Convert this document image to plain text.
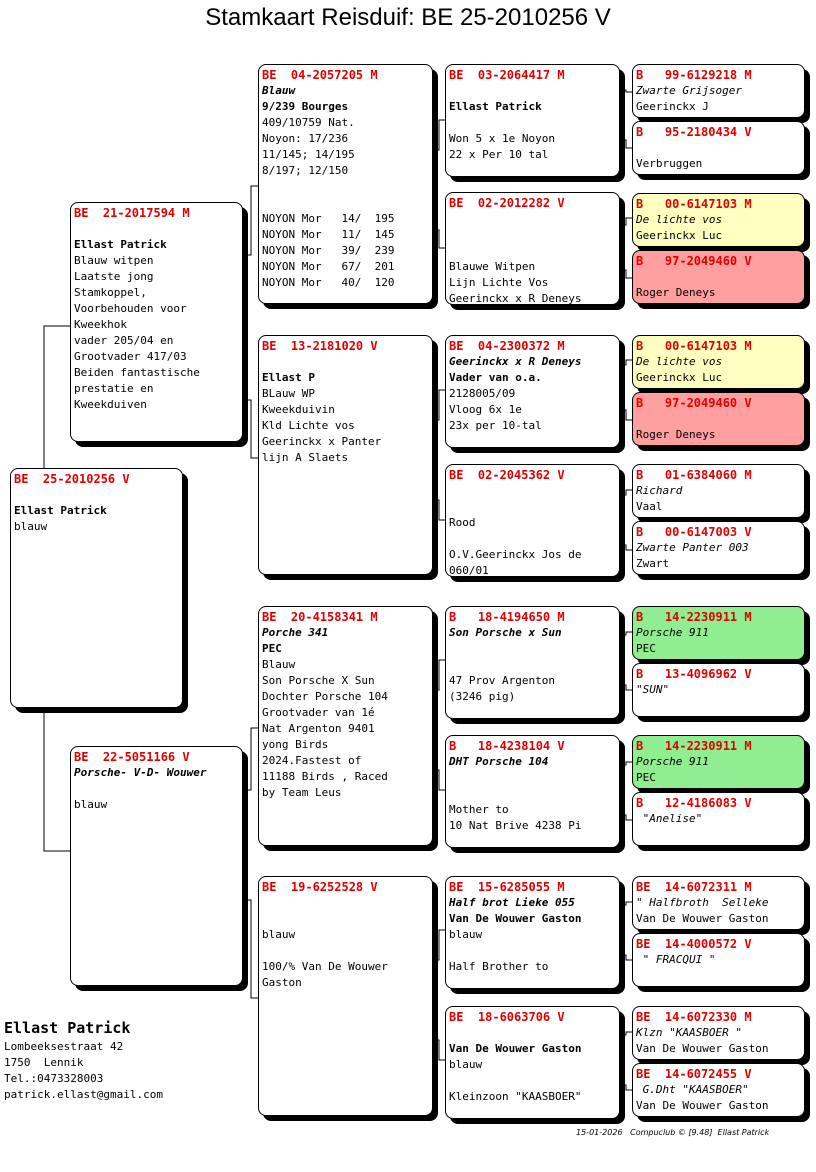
Stamkaart Reisduif: BE 25-2010256 V
BE  25-2010256 V
Ellast Patrick
blauw
BE  21-2017594 M
Ellast Patrick
Blauw witpen
Laatste jong
Stamkoppel,
Voorbehouden voor
Kweekhok
vader 205/04 en
Grootvader 417/03
Beiden fantastische
prestatie en
Kweekduiven
BE  22-5051166 V
Porsche- V-D- Wouwer
blauw
BE  04-2057205 M
Blauw
9/239 Bourges
409/10759 Nat.
Noyon: 17/236
11/145; 14/195
8/197; 12/150
NOYON Mor   14/  195
NOYON Mor   11/  145
NOYON Mor   39/  239
NOYON Mor   67/  201
NOYON Mor   40/  120
BE  13-2181020 V
Ellast P
BLauw WP
Kweekduivin
Kld Lichte vos
Geerinckx x Panter
lijn A Slaets
BE  20-4158341 M
Porche 341
PEC
Blauw
Son Porsche X Sun
Dochter Porsche 104
Grootvader van 1é
Nat Argenton 9401
yong Birds
2024.Fastest of
11188 Birds , Raced
by Team Leus
BE  19-6252528 V
blauw
100/% Van De Wouwer
Gaston
BE  03-2064417 M
Ellast Patrick
Won 5 x 1e Noyon
22 x Per 10 tal
BE  02-2012282 V
Blauwe Witpen
Lijn Lichte Vos
Geerinckx x R Deneys
BE  04-2300372 M
Geerinckx x R Deneys
Vader van o.a.
2128005/09
Vloog 6x 1e
23x per 10-tal
BE  02-2045362 V
Rood
O.V.Geerinckx Jos de
060/01
B   18-4194650 M
Son Porsche x Sun
47 Prov Argenton
(3246 pig)
B   18-4238104 V
DHT Porsche 104
Mother to
10 Nat Brive 4238 Pi
BE  15-6285055 M
Half brot Lieke 055
Van De Wouwer Gaston
blauw
Half Brother to
BE  18-6063706 V
Van De Wouwer Gaston
blauw
Kleinzoon "KAASBOER"
B   99-6129218 M
Zwarte Grijsoger
Geerinckx J
B   95-2180434 V
Verbruggen
B   00-6147103 M
De lichte vos
Geerinckx Luc
B   97-2049460 V
Roger Deneys
B   00-6147103 M
De lichte vos
Geerinckx Luc
B   97-2049460 V
Roger Deneys
B   01-6384060 M
Richard
Vaal
B   00-6147003 V
Zwarte Panter 003
Zwart
B   14-2230911 M
Porsche 911
PEC
B   13-4096962 V
"SUN"
B   14-2230911 M
Porsche 911
PEC
B   12-4186083 V
"Anelise"
BE  14-6072311 M
" Halfbroth  Selleke
Van De Wouwer Gaston
BE  14-4000572 V
" FRACQUI "
BE  14-6072330 M
Klzn "KAASBOER "
Van De Wouwer Gaston
BE  14-6072455 V
G.Dht "KAASBOER"
Van De Wouwer Gaston
Ellast Patrick
Lombeeksestraat 42
1750  Lennik
Tel.:0473328003
patrick.ellast@gmail.com
15-01-2026   Compuclub © [9.48]  Ellast Patrick
